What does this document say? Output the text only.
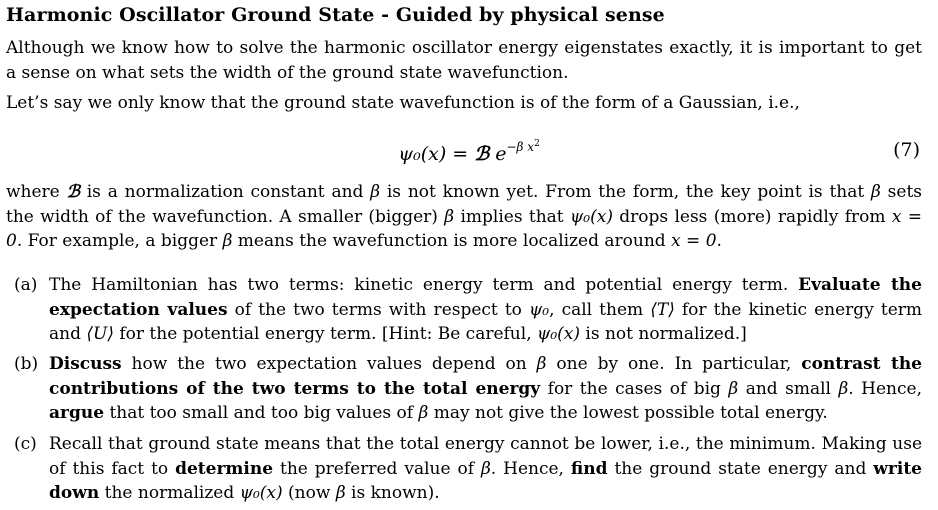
Harmonic Oscillator Ground State - Guided by physical sense
Although we know how to solve the harmonic oscillator energy eigenstates exactly, it is important to get a sense on what sets the width of the ground state wavefunction.
Let’s say we only know that the ground state wavefunction is of the form of a Gaussian, i.e.,
ψ₀(x) = ℬ $e^{-\beta x^2}$	(7)
where ℬ is a normalization constant and β is not known yet. From the form, the key point is that β sets the width of the wavefunction. A smaller (bigger) β implies that ψ₀(x) drops less (more) rapidly from x = 0. For example, a bigger β means the wavefunction is more localized around x = 0.
(a) The Hamiltonian has two terms: kinetic energy term and potential energy term. Evaluate the expectation values of the two terms with respect to ψ₀, call them ⟨T⟩ for the kinetic energy term and ⟨U⟩ for the potential energy term. [Hint: Be careful, ψ₀(x) is not normalized.]
(b) Discuss how the two expectation values depend on β one by one. In particular, contrast the contributions of the two terms to the total energy for the cases of big β and small β. Hence, argue that too small and too big values of β may not give the lowest possible total energy.
(c) Recall that ground state means that the total energy cannot be lower, i.e., the minimum. Making use of this fact to determine the preferred value of β. Hence, find the ground state energy and write down the normalized ψ₀(x) (now β is known).
